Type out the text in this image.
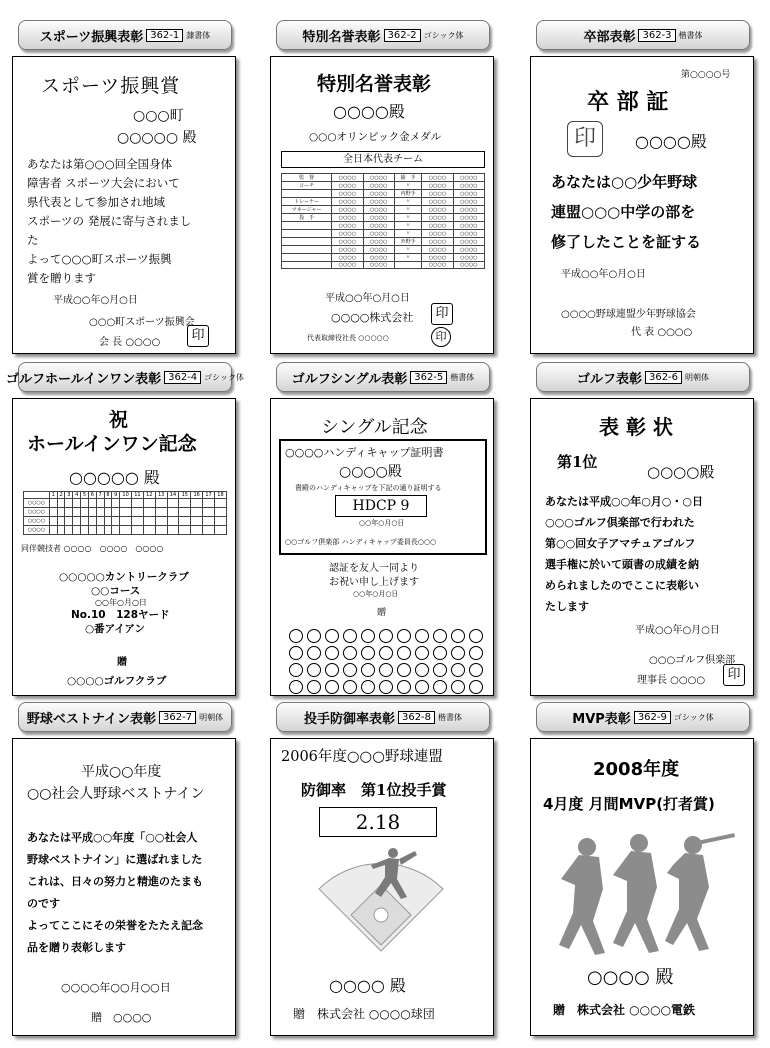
スポーツ振興表彰 362-1 隷書体
スポーツ振興賞
○○○町
○○○○○ 殿
あなたは第○○○回全国身体
障害者 スポーツ大会において
県代表として参加され地域
スポーツの 発展に寄与されまし
た
よって○○○町スポーツ振興
賞を贈ります
平成○○年○月○日
○○○町スポーツ振興会
会 長 ○○○○	印
特別名誉表彰 362-2 ゴシック体
特別名誉表彰
○○○○殿
○○○オリンピック金メダル
全日本代表チーム
監　督	○○○○	○○○○	捕　手	○○○○	○○○○
コーチ	○○○○	○○○○	〃	○○○○	○○○○
	○○○○	○○○○	内野手	○○○○	○○○○
トレーナー	○○○○	○○○○	〃	○○○○	○○○○
マネージャー	○○○○	○○○○	〃	○○○○	○○○○
投　手	○○○○	○○○○	〃	○○○○	○○○○
	○○○○	○○○○	〃	○○○○	○○○○
	○○○○	○○○○	〃	○○○○	○○○○
	○○○○	○○○○	外野手	○○○○	○○○○
	○○○○	○○○○	〃	○○○○	○○○○
	○○○○	○○○○	〃	○○○○	○○○○
	○○○○	○○○○		○○○○	○○○○
平成○○年○月○日
○○○○株式会社	印
代表取締役社長 ○○○○○	印
卒部表彰 362-3 楷書体
第○○○○号
卒 部 証
印	○○○○殿
あなたは○○少年野球
連盟○○○中学の部を
修了したことを証する
平成○○年○月○日
○○○○野球連盟少年野球協会
代 表 ○○○○
ゴルフホールインワン表彰 362-4 ゴシック体
祝
ホールインワン記念
○○○○○ 殿
	1	2	3	4	5	6	7	8	9	10	11	12	13	14	15	16	17	18
○○○○																		
○○○○																		
○○○○																		
○○○○																		
同伴競技者 ○○○○　○○○○　○○○○
○○○○○カントリークラブ
○○コース
○○年○月○日
No.10　128ヤード
○番アイアン
贈
○○○○ゴルフクラブ
ゴルフシングル表彰 362-5 楷書体
シングル記念
○○○○ハンディキャップ証明書
○○○○殿
貴殿のハンディキャップを下記の通り証明する
HDCP 9
○○年○月○日
○○ゴルフ倶楽部 ハンディキャップ委員長○○○
認証を友人一同より
お祝い申し上げます
○○年○月○日
贈
ゴルフ表彰 362-6 明朝体
表 彰 状
第1位
○○○○殿
あなたは平成○○年○月○・○日
○○○ゴルフ倶楽部で行われた
第○○回女子アマチュアゴルフ
選手権に於いて頭書の成績を納
められましたのでここに表彰い
たします
平成○○年○月○日
○○○ゴルフ倶楽部
理事長 ○○○○	印
野球ベストナイン表彰 362-7 明朝体
平成○○年度
○○社会人野球ベストナイン
あなたは平成○○年度「○○社会人
野球ベストナイン」に選ばれました
これは、日々の努力と精進のたまも
のです
よってここにその栄誉をたたえ記念
品を贈り表彰します
○○○○年○○月○○日
贈　○○○○
投手防御率表彰 362-8 楷書体
2006年度○○○野球連盟
防御率　第1位投手賞
2.18
○○○○ 殿
贈　株式会社 ○○○○球団
MVP表彰 362-9 ゴシック体
2008年度
4月度 月間MVP(打者賞)
○○○○ 殿
贈　株式会社 ○○○○電鉄
